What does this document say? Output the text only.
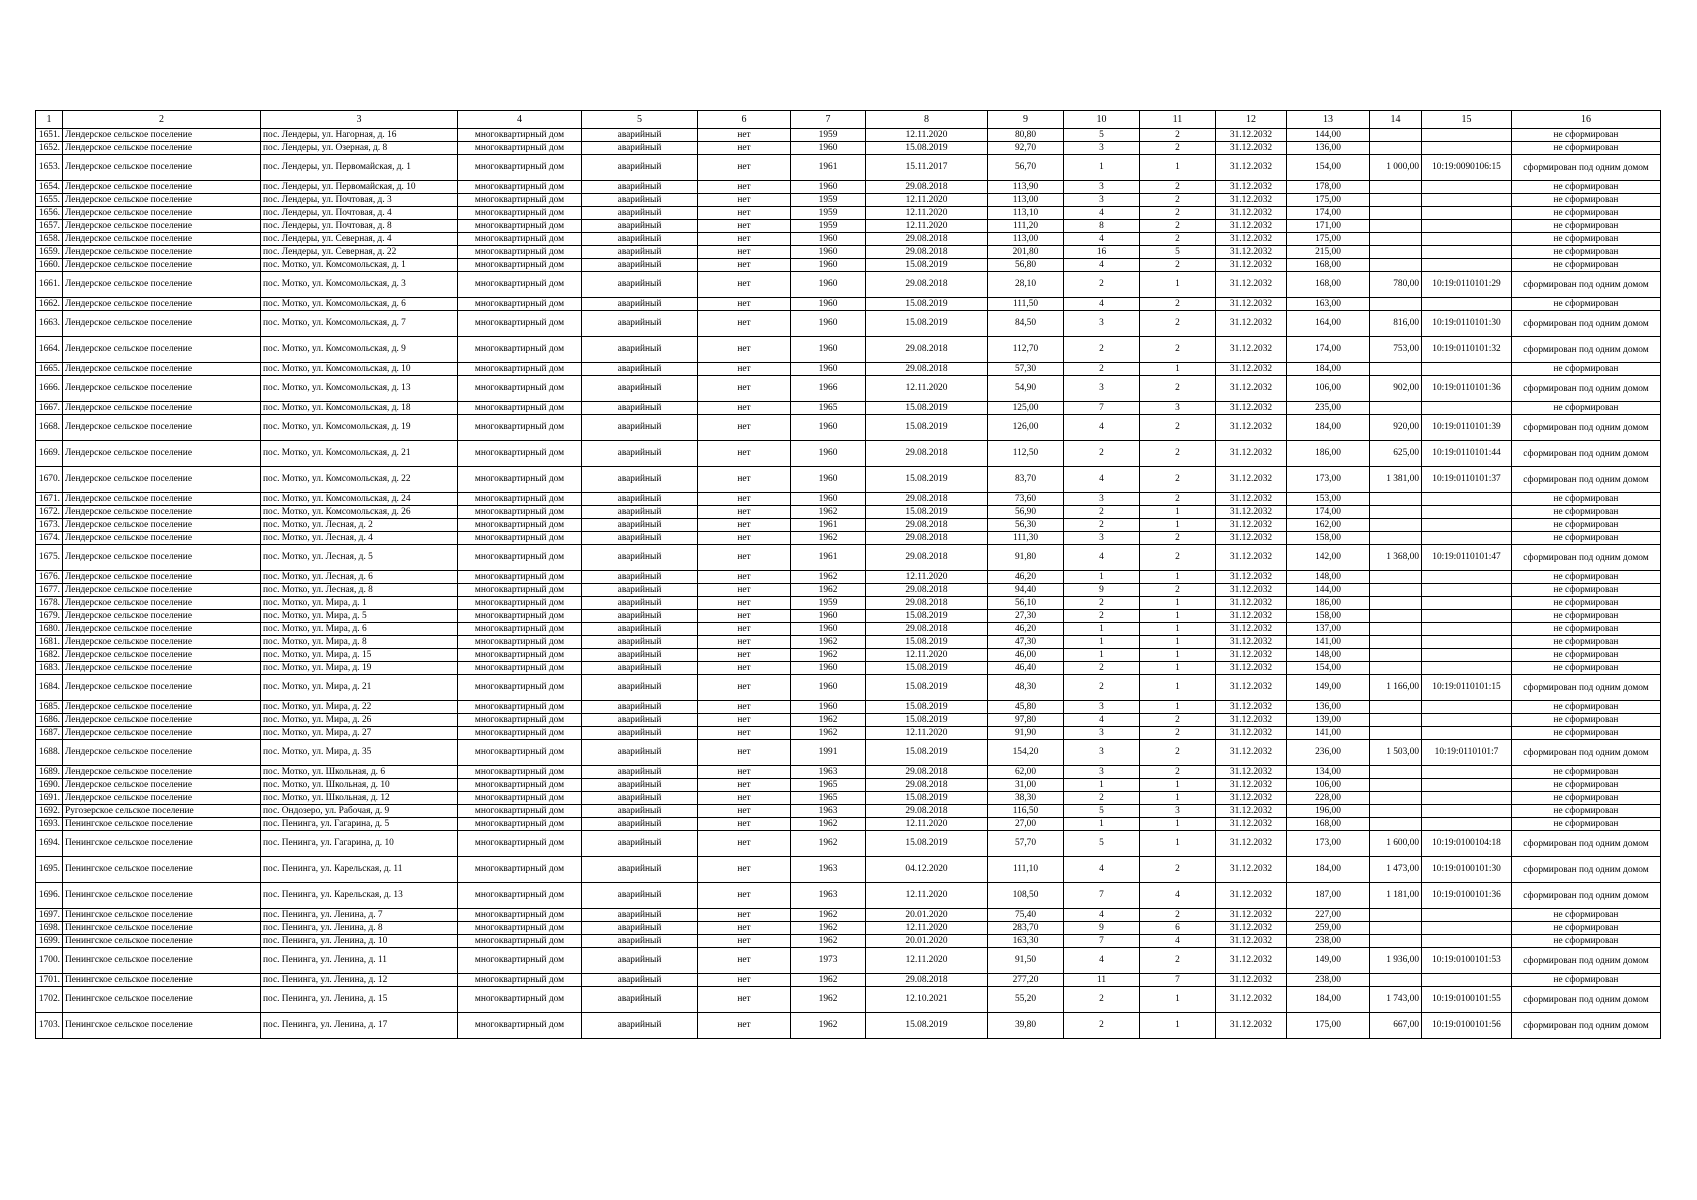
1	2	3	4	5	6	7	8	9	10	11	12	13	14	15	16
1651.	Лендерское сельское поселение	пос. Лендеры, ул. Нагорная, д. 16	многоквартирный дом	аварийный	нет	1959	12.11.2020	80,80	5	2	31.12.2032	144,00			не сформирован
1652.	Лендерское сельское поселение	пос. Лендеры, ул. Озерная, д. 8	многоквартирный дом	аварийный	нет	1960	15.08.2019	92,70	3	2	31.12.2032	136,00			не сформирован
1653.	Лендерское сельское поселение	пос. Лендеры, ул. Первомайская, д. 1	многоквартирный дом	аварийный	нет	1961	15.11.2017	56,70	1	1	31.12.2032	154,00	1 000,00	10:19:0090106:15	сформирован под одним домом
1654.	Лендерское сельское поселение	пос. Лендеры, ул. Первомайская, д. 10	многоквартирный дом	аварийный	нет	1960	29.08.2018	113,90	3	2	31.12.2032	178,00			не сформирован
1655.	Лендерское сельское поселение	пос. Лендеры, ул. Почтовая, д. 3	многоквартирный дом	аварийный	нет	1959	12.11.2020	113,00	3	2	31.12.2032	175,00			не сформирован
1656.	Лендерское сельское поселение	пос. Лендеры, ул. Почтовая, д. 4	многоквартирный дом	аварийный	нет	1959	12.11.2020	113,10	4	2	31.12.2032	174,00			не сформирован
1657.	Лендерское сельское поселение	пос. Лендеры, ул. Почтовая, д. 8	многоквартирный дом	аварийный	нет	1959	12.11.2020	111,20	8	2	31.12.2032	171,00			не сформирован
1658.	Лендерское сельское поселение	пос. Лендеры, ул. Северная, д. 4	многоквартирный дом	аварийный	нет	1960	29.08.2018	113,00	4	2	31.12.2032	175,00			не сформирован
1659.	Лендерское сельское поселение	пос. Лендеры, ул. Северная, д. 22	многоквартирный дом	аварийный	нет	1960	29.08.2018	201,80	16	5	31.12.2032	215,00			не сформирован
1660.	Лендерское сельское поселение	пос. Мотко, ул. Комсомольская, д. 1	многоквартирный дом	аварийный	нет	1960	15.08.2019	56,80	4	2	31.12.2032	168,00			не сформирован
1661.	Лендерское сельское поселение	пос. Мотко, ул. Комсомольская, д. 3	многоквартирный дом	аварийный	нет	1960	29.08.2018	28,10	2	1	31.12.2032	168,00	780,00	10:19:0110101:29	сформирован под одним домом
1662.	Лендерское сельское поселение	пос. Мотко, ул. Комсомольская, д. 6	многоквартирный дом	аварийный	нет	1960	15.08.2019	111,50	4	2	31.12.2032	163,00			не сформирован
1663.	Лендерское сельское поселение	пос. Мотко, ул. Комсомольская, д. 7	многоквартирный дом	аварийный	нет	1960	15.08.2019	84,50	3	2	31.12.2032	164,00	816,00	10:19:0110101:30	сформирован под одним домом
1664.	Лендерское сельское поселение	пос. Мотко, ул. Комсомольская, д. 9	многоквартирный дом	аварийный	нет	1960	29.08.2018	112,70	2	2	31.12.2032	174,00	753,00	10:19:0110101:32	сформирован под одним домом
1665.	Лендерское сельское поселение	пос. Мотко, ул. Комсомольская, д. 10	многоквартирный дом	аварийный	нет	1960	29.08.2018	57,30	2	1	31.12.2032	184,00			не сформирован
1666.	Лендерское сельское поселение	пос. Мотко, ул. Комсомольская, д. 13	многоквартирный дом	аварийный	нет	1966	12.11.2020	54,90	3	2	31.12.2032	106,00	902,00	10:19:0110101:36	сформирован под одним домом
1667.	Лендерское сельское поселение	пос. Мотко, ул. Комсомольская, д. 18	многоквартирный дом	аварийный	нет	1965	15.08.2019	125,00	7	3	31.12.2032	235,00			не сформирован
1668.	Лендерское сельское поселение	пос. Мотко, ул. Комсомольская, д. 19	многоквартирный дом	аварийный	нет	1960	15.08.2019	126,00	4	2	31.12.2032	184,00	920,00	10:19:0110101:39	сформирован под одним домом
1669.	Лендерское сельское поселение	пос. Мотко, ул. Комсомольская, д. 21	многоквартирный дом	аварийный	нет	1960	29.08.2018	112,50	2	2	31.12.2032	186,00	625,00	10:19:0110101:44	сформирован под одним домом
1670.	Лендерское сельское поселение	пос. Мотко, ул. Комсомольская, д. 22	многоквартирный дом	аварийный	нет	1960	15.08.2019	83,70	4	2	31.12.2032	173,00	1 381,00	10:19:0110101:37	сформирован под одним домом
1671.	Лендерское сельское поселение	пос. Мотко, ул. Комсомольская, д. 24	многоквартирный дом	аварийный	нет	1960	29.08.2018	73,60	3	2	31.12.2032	153,00			не сформирован
1672.	Лендерское сельское поселение	пос. Мотко, ул. Комсомольская, д. 26	многоквартирный дом	аварийный	нет	1962	15.08.2019	56,90	2	1	31.12.2032	174,00			не сформирован
1673.	Лендерское сельское поселение	пос. Мотко, ул. Лесная, д. 2	многоквартирный дом	аварийный	нет	1961	29.08.2018	56,30	2	1	31.12.2032	162,00			не сформирован
1674.	Лендерское сельское поселение	пос. Мотко, ул. Лесная, д. 4	многоквартирный дом	аварийный	нет	1962	29.08.2018	111,30	3	2	31.12.2032	158,00			не сформирован
1675.	Лендерское сельское поселение	пос. Мотко, ул. Лесная, д. 5	многоквартирный дом	аварийный	нет	1961	29.08.2018	91,80	4	2	31.12.2032	142,00	1 368,00	10:19:0110101:47	сформирован под одним домом
1676.	Лендерское сельское поселение	пос. Мотко, ул. Лесная, д. 6	многоквартирный дом	аварийный	нет	1962	12.11.2020	46,20	1	1	31.12.2032	148,00			не сформирован
1677.	Лендерское сельское поселение	пос. Мотко, ул. Лесная, д. 8	многоквартирный дом	аварийный	нет	1962	29.08.2018	94,40	9	2	31.12.2032	144,00			не сформирован
1678.	Лендерское сельское поселение	пос. Мотко, ул. Мира, д. 1	многоквартирный дом	аварийный	нет	1959	29.08.2018	56,10	2	1	31.12.2032	186,00			не сформирован
1679.	Лендерское сельское поселение	пос. Мотко, ул. Мира, д. 5	многоквартирный дом	аварийный	нет	1960	15.08.2019	27,30	2	1	31.12.2032	158,00			не сформирован
1680.	Лендерское сельское поселение	пос. Мотко, ул. Мира, д. 6	многоквартирный дом	аварийный	нет	1960	29.08.2018	46,20	1	1	31.12.2032	137,00			не сформирован
1681.	Лендерское сельское поселение	пос. Мотко, ул. Мира, д. 8	многоквартирный дом	аварийный	нет	1962	15.08.2019	47,30	1	1	31.12.2032	141,00			не сформирован
1682.	Лендерское сельское поселение	пос. Мотко, ул. Мира, д. 15	многоквартирный дом	аварийный	нет	1962	12.11.2020	46,00	1	1	31.12.2032	148,00			не сформирован
1683.	Лендерское сельское поселение	пос. Мотко, ул. Мира, д. 19	многоквартирный дом	аварийный	нет	1960	15.08.2019	46,40	2	1	31.12.2032	154,00			не сформирован
1684.	Лендерское сельское поселение	пос. Мотко, ул. Мира, д. 21	многоквартирный дом	аварийный	нет	1960	15.08.2019	48,30	2	1	31.12.2032	149,00	1 166,00	10:19:0110101:15	сформирован под одним домом
1685.	Лендерское сельское поселение	пос. Мотко, ул. Мира, д. 22	многоквартирный дом	аварийный	нет	1960	15.08.2019	45,80	3	1	31.12.2032	136,00			не сформирован
1686.	Лендерское сельское поселение	пос. Мотко, ул. Мира, д. 26	многоквартирный дом	аварийный	нет	1962	15.08.2019	97,80	4	2	31.12.2032	139,00			не сформирован
1687.	Лендерское сельское поселение	пос. Мотко, ул. Мира, д. 27	многоквартирный дом	аварийный	нет	1962	12.11.2020	91,90	3	2	31.12.2032	141,00			не сформирован
1688.	Лендерское сельское поселение	пос. Мотко, ул. Мира, д. 35	многоквартирный дом	аварийный	нет	1991	15.08.2019	154,20	3	2	31.12.2032	236,00	1 503,00	10:19:0110101:7	сформирован под одним домом
1689.	Лендерское сельское поселение	пос. Мотко, ул. Школьная, д. 6	многоквартирный дом	аварийный	нет	1963	29.08.2018	62,00	3	2	31.12.2032	134,00			не сформирован
1690.	Лендерское сельское поселение	пос. Мотко, ул. Школьная, д. 10	многоквартирный дом	аварийный	нет	1965	29.08.2018	31,00	1	1	31.12.2032	106,00			не сформирован
1691.	Лендерское сельское поселение	пос. Мотко, ул. Школьная, д. 12	многоквартирный дом	аварийный	нет	1965	15.08.2019	38,30	2	1	31.12.2032	228,00			не сформирован
1692.	Ругозерское сельское поселение	пос. Ондозеро, ул. Рабочая, д. 9	многоквартирный дом	аварийный	нет	1963	29.08.2018	116,50	5	3	31.12.2032	196,00			не сформирован
1693.	Пенингское сельское поселение	пос. Пенинга, ул. Гагарина, д. 5	многоквартирный дом	аварийный	нет	1962	12.11.2020	27,00	1	1	31.12.2032	168,00			не сформирован
1694.	Пенингское сельское поселение	пос. Пенинга, ул. Гагарина, д. 10	многоквартирный дом	аварийный	нет	1962	15.08.2019	57,70	5	1	31.12.2032	173,00	1 600,00	10:19:0100104:18	сформирован под одним домом
1695.	Пенингское сельское поселение	пос. Пенинга, ул. Карельская, д. 11	многоквартирный дом	аварийный	нет	1963	04.12.2020	111,10	4	2	31.12.2032	184,00	1 473,00	10:19:0100101:30	сформирован под одним домом
1696.	Пенингское сельское поселение	пос. Пенинга, ул. Карельская, д. 13	многоквартирный дом	аварийный	нет	1963	12.11.2020	108,50	7	4	31.12.2032	187,00	1 181,00	10:19:0100101:36	сформирован под одним домом
1697.	Пенингское сельское поселение	пос. Пенинга, ул. Ленина, д. 7	многоквартирный дом	аварийный	нет	1962	20.01.2020	75,40	4	2	31.12.2032	227,00			не сформирован
1698.	Пенингское сельское поселение	пос. Пенинга, ул. Ленина, д. 8	многоквартирный дом	аварийный	нет	1962	12.11.2020	283,70	9	6	31.12.2032	259,00			не сформирован
1699.	Пенингское сельское поселение	пос. Пенинга, ул. Ленина, д. 10	многоквартирный дом	аварийный	нет	1962	20.01.2020	163,30	7	4	31.12.2032	238,00			не сформирован
1700.	Пенингское сельское поселение	пос. Пенинга, ул. Ленина, д. 11	многоквартирный дом	аварийный	нет	1973	12.11.2020	91,50	4	2	31.12.2032	149,00	1 936,00	10:19:0100101:53	сформирован под одним домом
1701.	Пенингское сельское поселение	пос. Пенинга, ул. Ленина, д. 12	многоквартирный дом	аварийный	нет	1962	29.08.2018	277,20	11	7	31.12.2032	238,00			не сформирован
1702.	Пенингское сельское поселение	пос. Пенинга, ул. Ленина, д. 15	многоквартирный дом	аварийный	нет	1962	12.10.2021	55,20	2	1	31.12.2032	184,00	1 743,00	10:19:0100101:55	сформирован под одним домом
1703.	Пенингское сельское поселение	пос. Пенинга, ул. Ленина, д. 17	многоквартирный дом	аварийный	нет	1962	15.08.2019	39,80	2	1	31.12.2032	175,00	667,00	10:19:0100101:56	сформирован под одним домом
